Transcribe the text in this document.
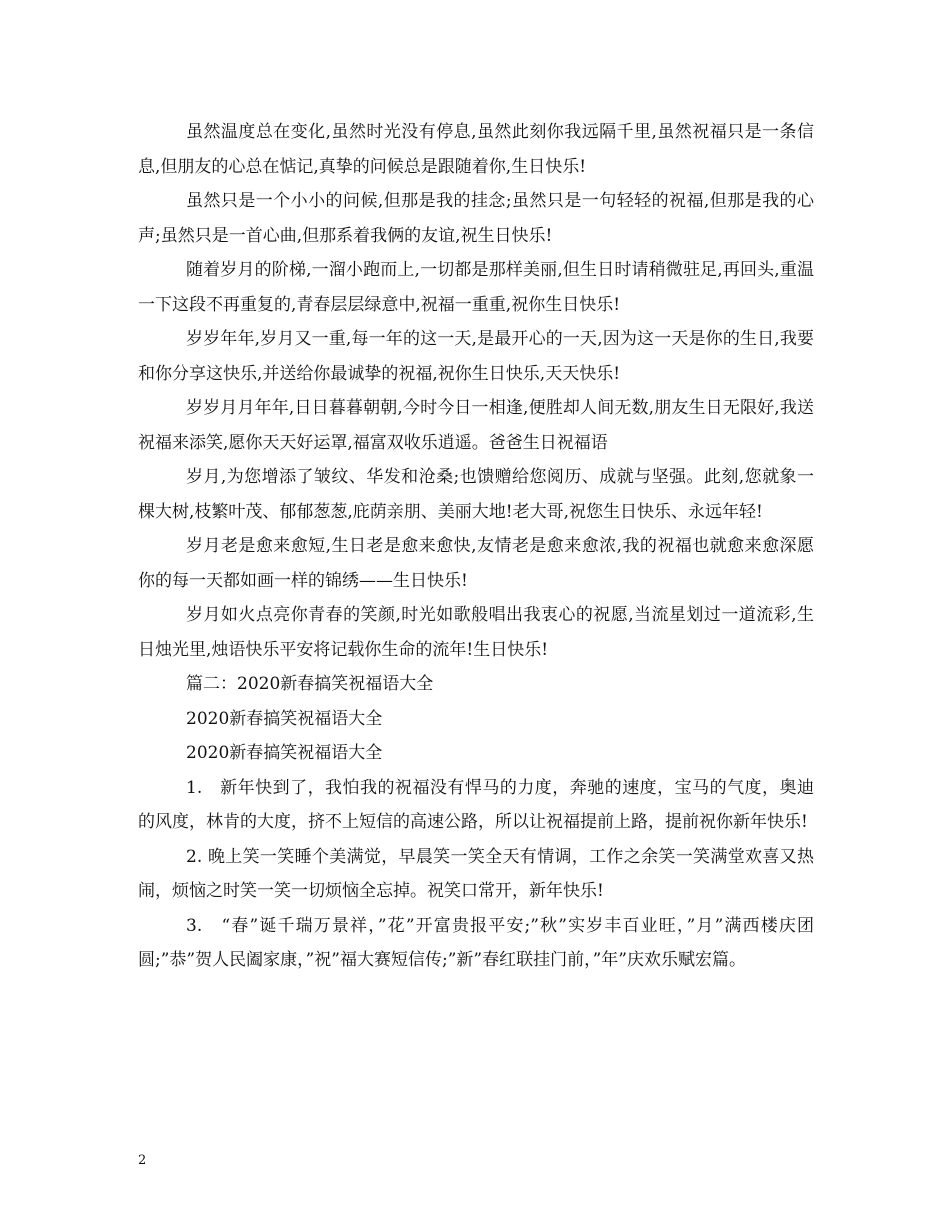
虽然温度总在变化,虽然时光没有停息,虽然此刻你我远隔千里,虽然祝福只是一条信息,但朋友的心总在惦记,真挚的问候总是跟随着你,生日快乐!

虽然只是一个小小的问候,但那是我的挂念;虽然只是一句轻轻的祝福,但那是我的心声;虽然只是一首心曲,但那系着我俩的友谊,祝生日快乐!

随着岁月的阶梯,一溜小跑而上,一切都是那样美丽,但生日时请稍微驻足,再回头,重温一下这段不再重复的,青春层层绿意中,祝福一重重,祝你生日快乐!

岁岁年年,岁月又一重,每一年的这一天,是最开心的一天,因为这一天是你的生日,我要和你分享这快乐,并送给你最诚挚的祝福,祝你生日快乐,天天快乐!

岁岁月月年年,日日暮暮朝朝,今时今日一相逢,便胜却人间无数,朋友生日无限好,我送祝福来添笑,愿你天天好运罩,福富双收乐逍遥。爸爸生日祝福语

岁月,为您增添了皱纹、华发和沧桑;也馈赠给您阅历、成就与坚强。此刻,您就象一棵大树,枝繁叶茂、郁郁葱葱,庇荫亲朋、美丽大地!老大哥,祝您生日快乐、永远年轻!

岁月老是愈来愈短,生日老是愈来愈快,友情老是愈来愈浓,我的祝福也就愈来愈深愿你的每一天都如画一样的锦绣——生日快乐!

岁月如火点亮你青春的笑颜,时光如歌般唱出我衷心的祝愿,当流星划过一道流彩,生日烛光里,烛语快乐平安将记载你生命的流年!生日快乐!

篇二：2020新春搞笑祝福语大全

2020新春搞笑祝福语大全

2020新春搞笑祝福语大全

1.　新年快到了，我怕我的祝福没有悍马的力度，奔驰的速度，宝马的气度，奥迪的风度，林肯的大度，挤不上短信的高速公路，所以让祝福提前上路，提前祝你新年快乐!

2. 晚上笑一笑睡个美满觉，早晨笑一笑全天有情调，工作之余笑一笑满堂欢喜又热闹，烦恼之时笑一笑一切烦恼全忘掉。祝笑口常开，新年快乐!

3.　“春”诞千瑞万景祥，”花”开富贵报平安;”秋”实岁丰百业旺，”月”满西楼庆团圆;”恭”贺人民阖家康，”祝”福大赛短信传;”新”春红联挂门前，”年”庆欢乐赋宏篇。

2
